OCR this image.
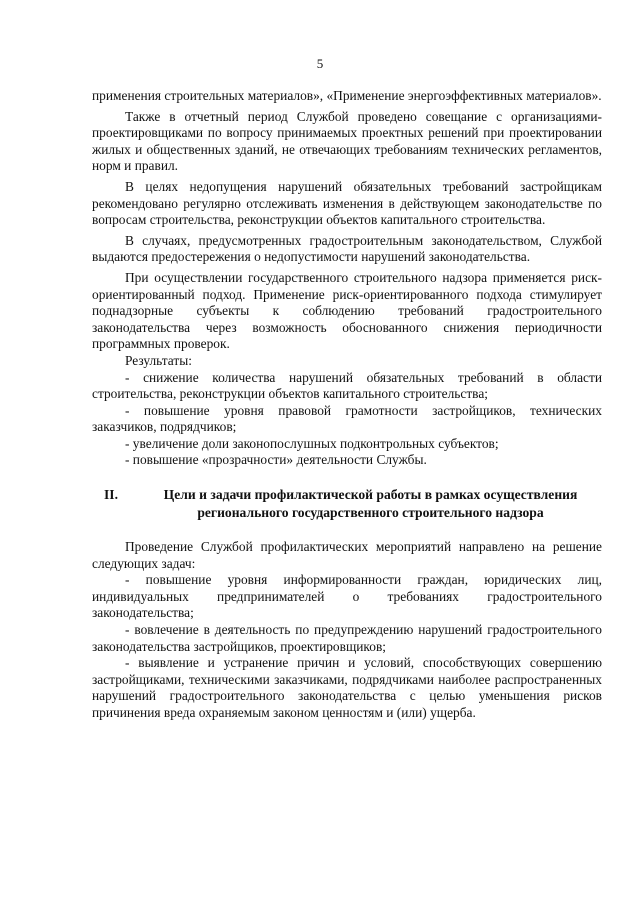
5

применения строительных материалов», «Применение энергоэффективных материалов».

Также в отчетный период Службой проведено совещание с организациями-проектировщиками по вопросу принимаемых проектных решений при проектировании жилых и общественных зданий, не отвечающих требованиям технических регламентов, норм и правил.

В целях недопущения нарушений обязательных требований застройщикам рекомендовано регулярно отслеживать изменения в действующем законодательстве по вопросам строительства, реконструкции объектов капитального строительства.

В случаях, предусмотренных градостроительным законодательством, Службой выдаются предостережения о недопустимости нарушений законодательства.

При осуществлении государственного строительного надзора применяется риск-ориентированный подход. Применение риск-ориентированного подхода стимулирует поднадзорные субъекты к соблюдению требований градостроительного законодательства через возможность обоснованного снижения периодичности программных проверок.

Результаты:

- снижение количества нарушений обязательных требований в области строительства, реконструкции объектов капитального строительства;

- повышение уровня правовой грамотности застройщиков, технических заказчиков, подрядчиков;

- увеличение доли законопослушных подконтрольных субъектов;

- повышение «прозрачности» деятельности Службы.

II.	Цели и задачи профилактической работы в рамках осуществления
регионального государственного строительного надзора

Проведение Службой профилактических мероприятий направлено на решение следующих задач:

- повышение уровня информированности граждан, юридических лиц, индивидуальных предпринимателей о требованиях градостроительного законодательства;

- вовлечение в деятельность по предупреждению нарушений градостроительного законодательства застройщиков, проектировщиков;

- выявление и устранение причин и условий, способствующих совершению застройщиками, техническими заказчиками, подрядчиками наиболее распространенных нарушений градостроительного законодательства с целью уменьшения рисков причинения вреда охраняемым законом ценностям и (или) ущерба.
